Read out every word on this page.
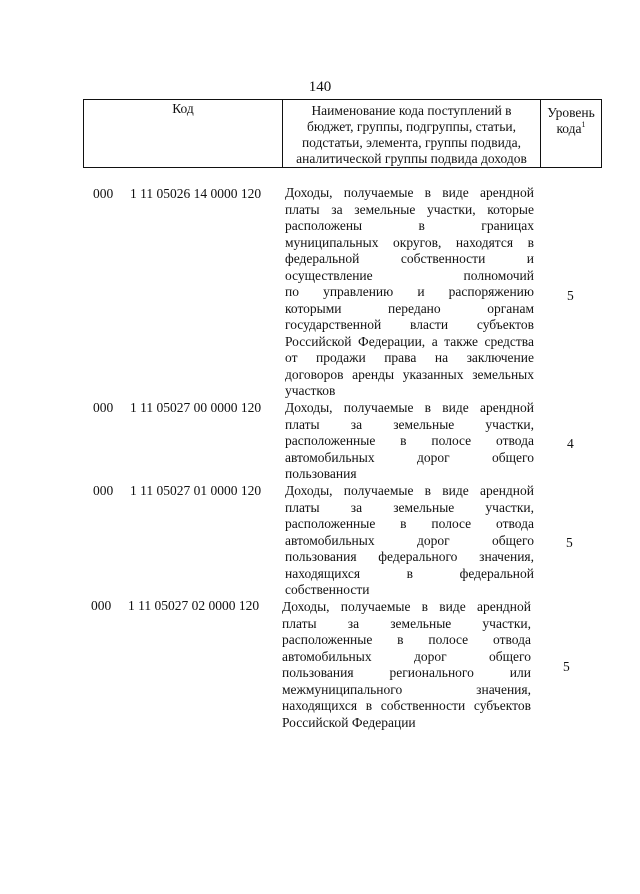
140
Код	Наименование кода поступлений в
бюджет, группы, подгруппы, статьи,
подстатьи, элемента, группы подвида,
аналитической группы подвида доходов
Уровень
кода$^1$
000 1 11 05026 14 0000 120 Доходы, получаемые в виде арендной
платы за земельные участки, которые
расположены в границах
муниципальных округов, находятся в
федеральной собственности и
осуществление полномочий
по управлению и распоряжению
которыми передано органам
государственной власти субъектов
Российской Федерации, а также средства
от продажи права на заключение
договоров аренды указанных земельных
участков
5
000 1 11 05027 00 0000 120 Доходы, получаемые в виде арендной
платы за земельные участки,
расположенные в полосе отвода
автомобильных дорог общего
пользования
4
000 1 11 05027 01 0000 120 Доходы, получаемые в виде арендной
платы за земельные участки,
расположенные в полосе отвода
автомобильных дорог общего
пользования федерального значения,
находящихся в федеральной
собственности
5
000 1 11 05027 02 0000 120 Доходы, получаемые в виде арендной
платы за земельные участки,
расположенные в полосе отвода
автомобильных дорог общего
пользования регионального или
межмуниципального значения,
находящихся в собственности субъектов
Российской Федерации
5
